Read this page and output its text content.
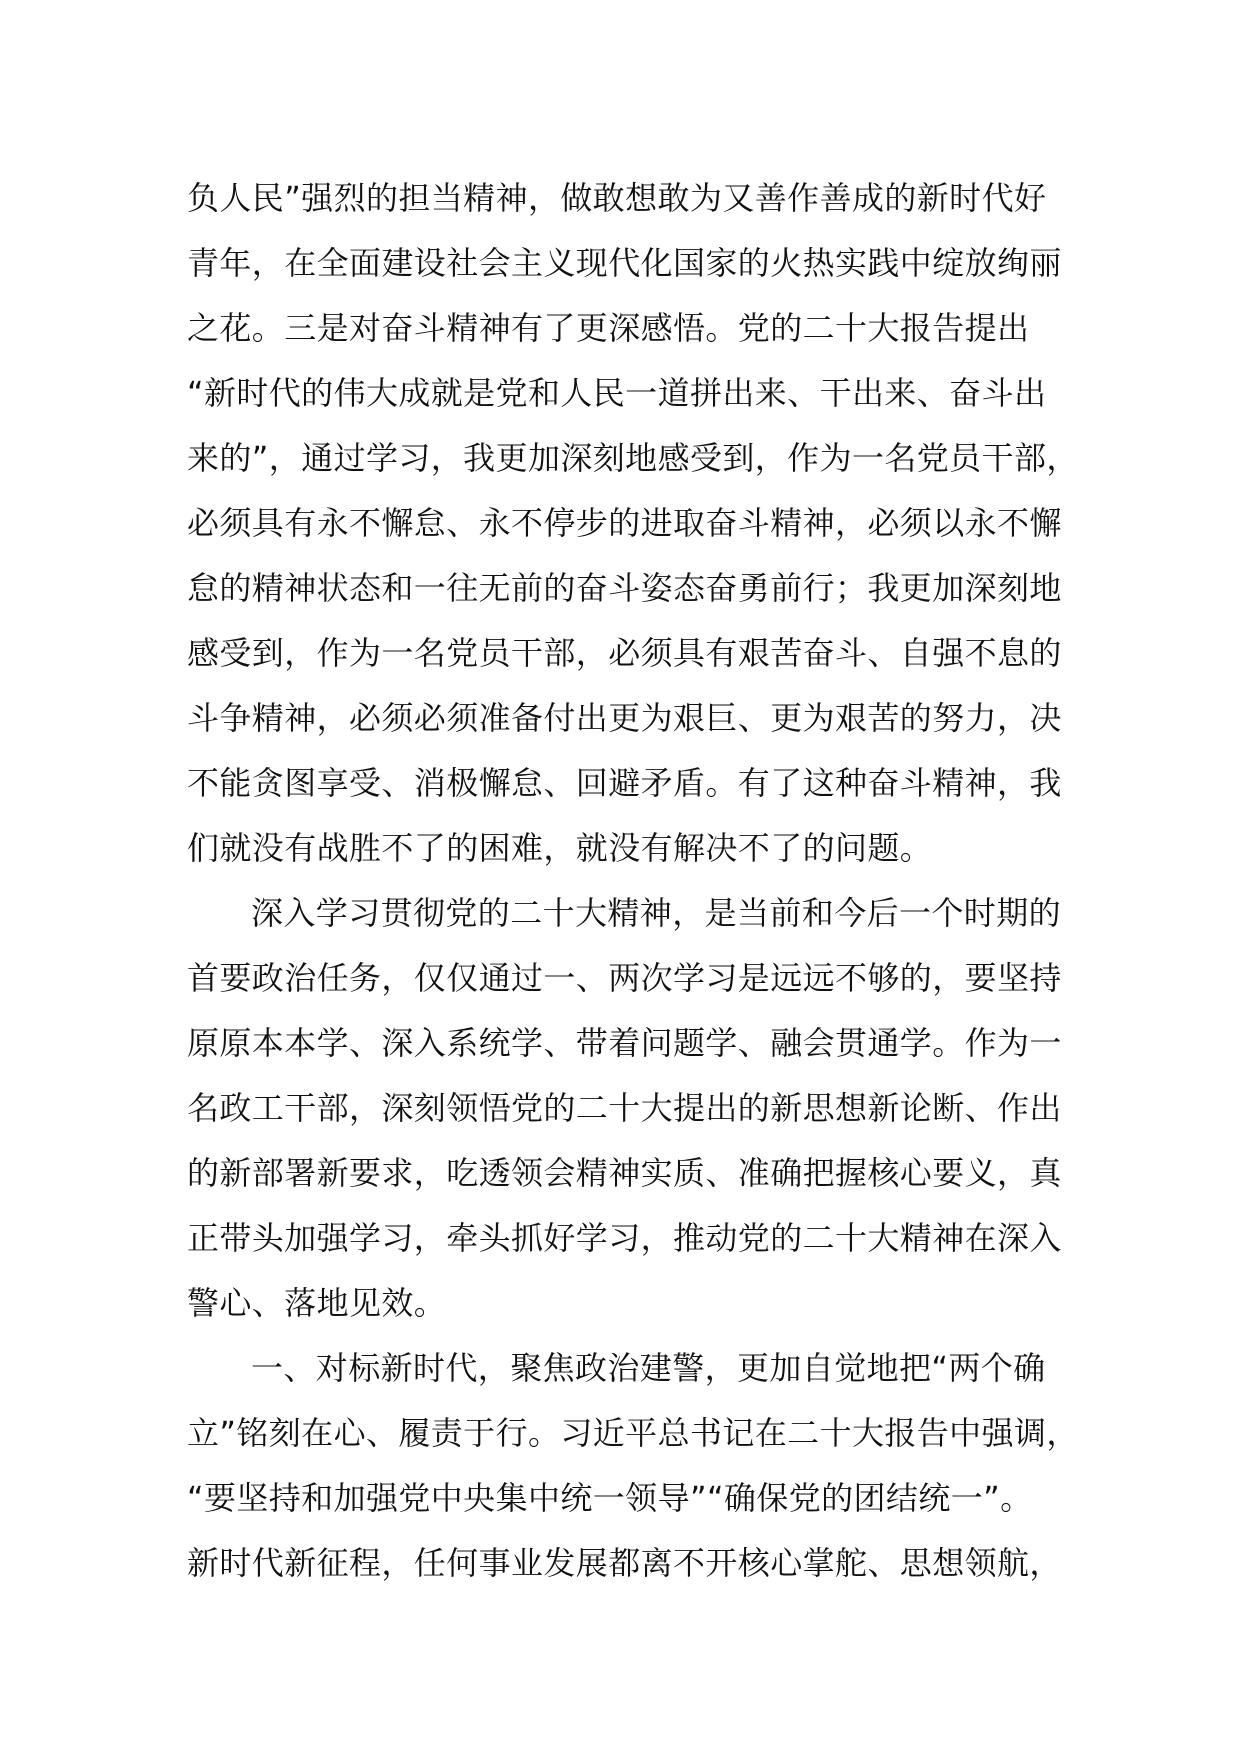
负人民”强烈的担当精神，做敢想敢为又善作善成的新时代好
青年，在全面建设社会主义现代化国家的火热实践中绽放绚丽
之花。三是对奋斗精神有了更深感悟。党的二十大报告提出
“新时代的伟大成就是党和人民一道拼出来、干出来、奋斗出
来的”，通过学习，我更加深刻地感受到，作为一名党员干部，
必须具有永不懈怠、永不停步的进取奋斗精神，必须以永不懈
怠的精神状态和一往无前的奋斗姿态奋勇前行；我更加深刻地
感受到，作为一名党员干部，必须具有艰苦奋斗、自强不息的
斗争精神，必须必须准备付出更为艰巨、更为艰苦的努力，决
不能贪图享受、消极懈怠、回避矛盾。有了这种奋斗精神，我
们就没有战胜不了的困难，就没有解决不了的问题。
深入学习贯彻党的二十大精神，是当前和今后一个时期的
首要政治任务，仅仅通过一、两次学习是远远不够的，要坚持
原原本本学、深入系统学、带着问题学、融会贯通学。作为一
名政工干部，深刻领悟党的二十大提出的新思想新论断、作出
的新部署新要求，吃透领会精神实质、准确把握核心要义，真
正带头加强学习，牵头抓好学习，推动党的二十大精神在深入
警心、落地见效。
一、对标新时代，聚焦政治建警，更加自觉地把“两个确
立”铭刻在心、履责于行。习近平总书记在二十大报告中强调，
“要坚持和加强党中央集中统一领导”“确保党的团结统一”。
新时代新征程，任何事业发展都离不开核心掌舵、思想领航，
